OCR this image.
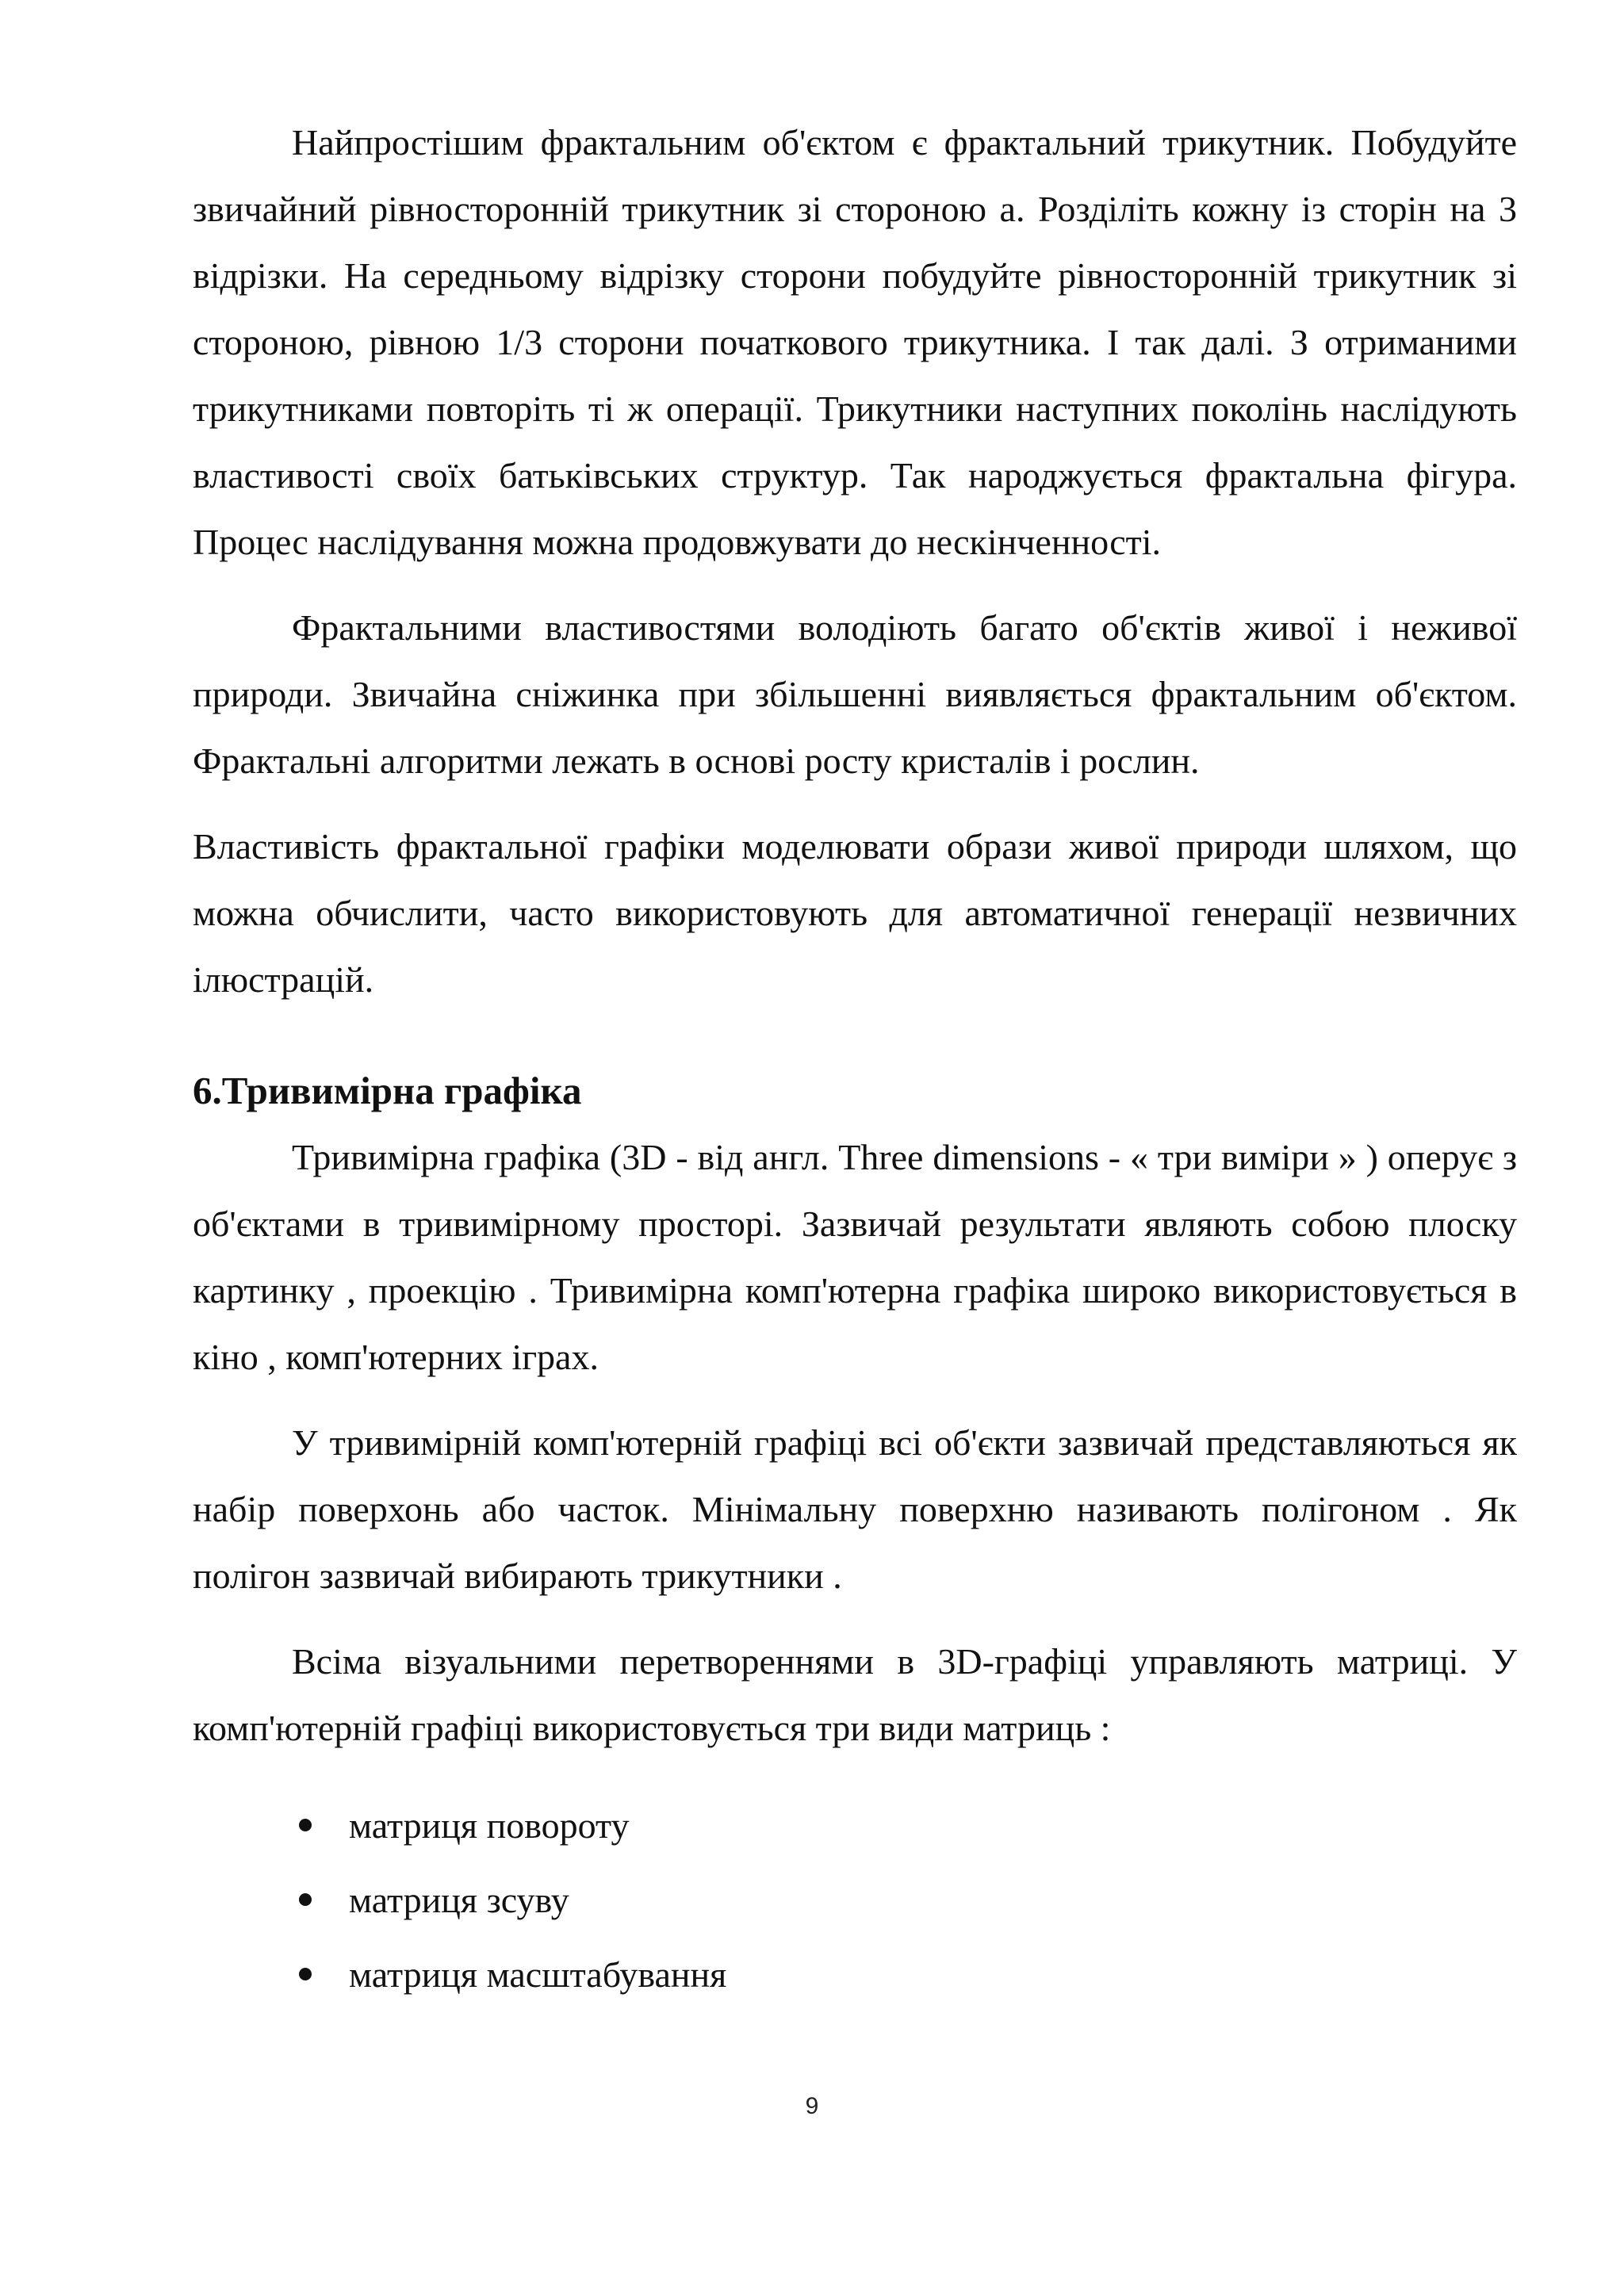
Найпростішим фрактальним об'єктом є фрактальний трикутник. Побудуйте звичайний рівносторонній трикутник зі стороною а. Розділіть кожну із сторін на 3 відрізки. На середньому відрізку сторони побудуйте рівносторонній трикутник зі стороною, рівною 1/3 сторони початкового трикутника. І так далі. З отриманими трикутниками повторіть ті ж операції. Трикутники наступних поколінь наслідують властивості своїх батьківських структур. Так народжується фрактальна фігура. Процес наслідування можна продовжувати до нескінченності.

Фрактальними властивостями володіють багато об'єктів живої і неживої природи. Звичайна сніжинка при збільшенні виявляється фрактальним об'єктом. Фрактальні алгоритми лежать в основі росту кристалів і рослин.

Властивість фрактальної графіки моделювати образи живої природи шляхом, що можна обчислити, часто використовують для автоматичної генерації незвичних ілюстрацій.

6.Тривимірна графіка

Тривимірна графіка (3D - від англ. Three dimensions - « три виміри » ) оперує з об'єктами в тривимірному просторі. Зазвичай результати являють собою плоску картинку , проекцію . Тривимірна комп'ютерна графіка широко використовується в кіно , комп'ютерних іграх.

У тривимірній комп'ютерній графіці всі об'єкти зазвичай представляються як набір поверхонь або часток. Мінімальну поверхню називають полігоном . Як полігон зазвичай вибирають трикутники .

Всіма візуальними перетвореннями в 3D-графіці управляють матриці. У комп'ютерній графіці використовується три види матриць :

матриця повороту
матриця зсуву
матриця масштабування
9
